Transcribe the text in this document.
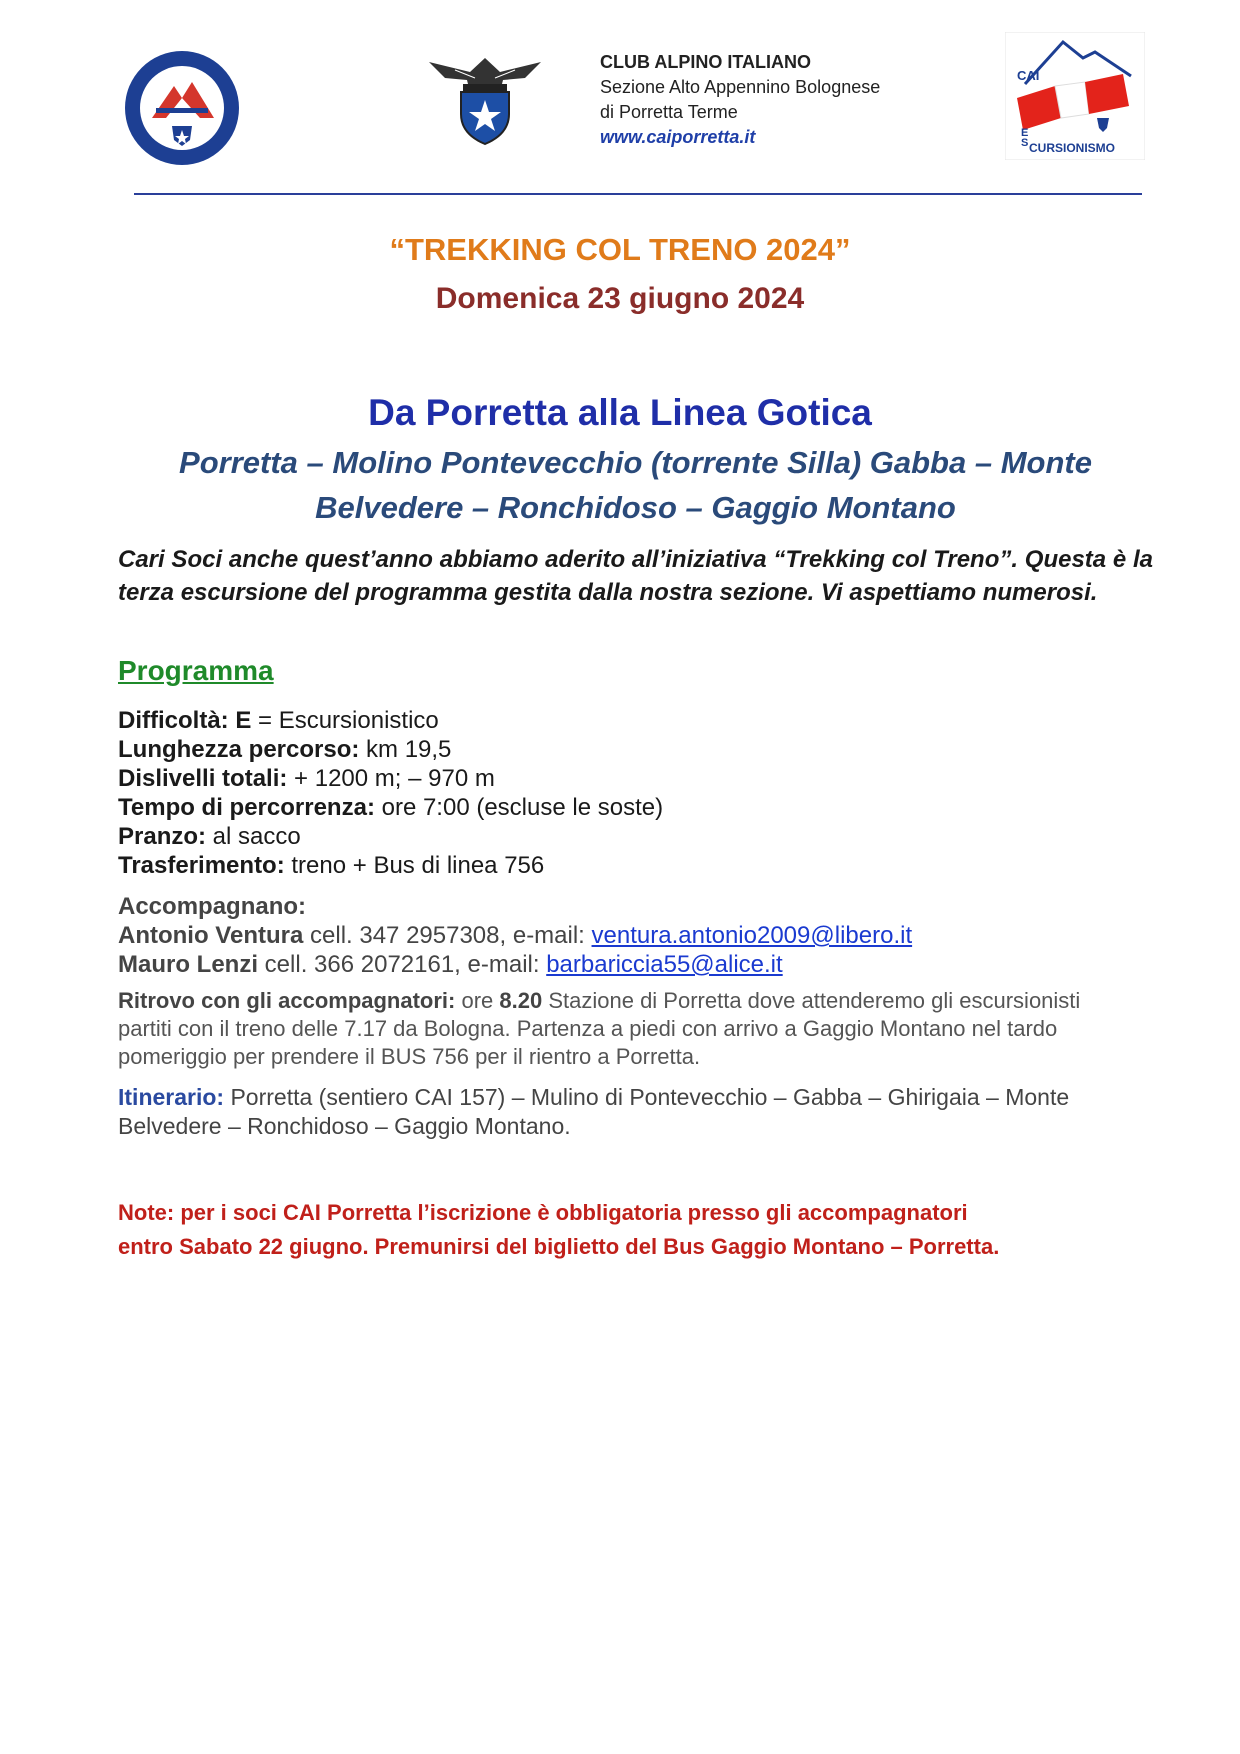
CLUB ALPINO ITALIANO
Sezione Alto Appennino Bolognese
di Porretta Terme
www.caiporretta.it
CAI
E
S CURSIONISMO
“TREKKING COL TRENO 2024”
Domenica 23 giugno 2024
Da Porretta alla Linea Gotica
Porretta – Molino Pontevecchio (torrente Silla) Gabba – Monte
Belvedere – Ronchidoso – Gaggio Montano
Cari Soci anche quest’anno abbiamo aderito all’iniziativa “Trekking col Treno”. Questa è la terza escursione del programma gestita dalla nostra sezione. Vi aspettiamo numerosi.
Programma
Difficoltà: E = Escursionistico
Lunghezza percorso: km 19,5
Dislivelli totali: + 1200 m; – 970 m
Tempo di percorrenza: ore 7:00 (escluse le soste)
Pranzo: al sacco
Trasferimento: treno + Bus di linea 756
Accompagnano:
Antonio Ventura cell. 347 2957308, e-mail: ventura.antonio2009@libero.it
Mauro Lenzi cell. 366 2072161, e-mail: barbariccia55@alice.it
Ritrovo con gli accompagnatori: ore 8.20 Stazione di Porretta dove attenderemo gli escursionisti partiti con il treno delle 7.17 da Bologna. Partenza a piedi con arrivo a Gaggio Montano nel tardo pomeriggio per prendere il BUS 756 per il rientro a Porretta.
Itinerario: Porretta (sentiero CAI 157) – Mulino di Pontevecchio – Gabba – Ghirigaia – Monte Belvedere – Ronchidoso – Gaggio Montano.
Note: per i soci CAI Porretta l’iscrizione è obbligatoria presso gli accompagnatori
entro Sabato 22 giugno. Premunirsi del biglietto del Bus Gaggio Montano – Porretta.
